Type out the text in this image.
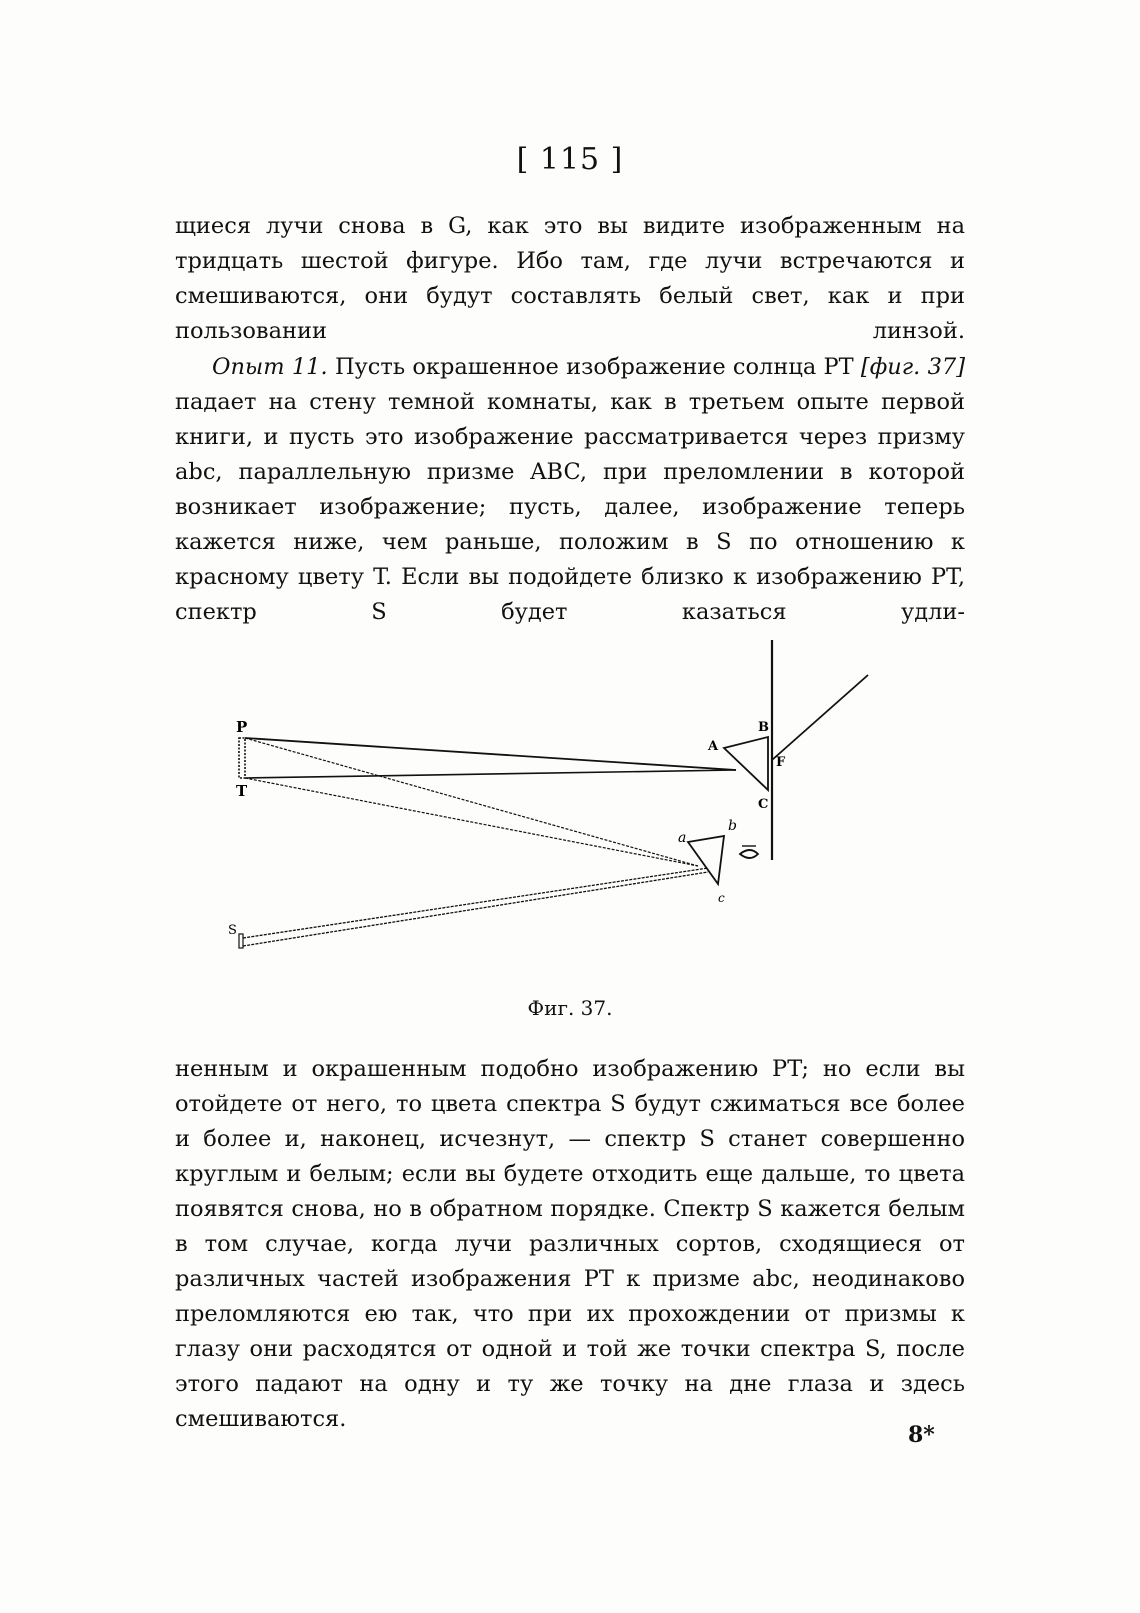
[ 115 ]

щиеся лучи снова в G, как это вы видите изображенным на тридцать шестой фигуре. Ибо там, где лучи встречаются и смешиваются, они будут составлять белый свет, как и при пользовании линзой.

Опыт 11. Пусть окрашенное изображение солнца PT [фиг. 37] падает на стену темной комнаты, как в третьем опыте первой книги, и пусть это изображение рассматривается через призму abc, параллельную призме ABC, при преломлении в которой возникает изображение; пусть, далее, изображение теперь кажется ниже, чем раньше, положим в S по отношению к красному цвету T. Если вы подойдете близко к изображению PT, спектр S будет казаться удли-

P
T
A
B
F
C
a
b
c
S
Фиг. 37.

ненным и окрашенным подобно изображению PT; но если вы отойдете от него, то цвета спектра S будут сжиматься все более и более и, наконец, исчезнут, — спектр S станет совершенно круглым и белым; если вы будете отходить еще дальше, то цвета появятся снова, но в обратном порядке. Спектр S кажется белым в том случае, когда лучи различных сортов, сходящиеся от различных частей изображения PT к призме abc, неодинаково преломляются ею так, что при их прохождении от призмы к глазу они расходятся от одной и той же точки спектра S, после этого падают на одну и ту же точку на дне глаза и здесь смешиваются.

8*
